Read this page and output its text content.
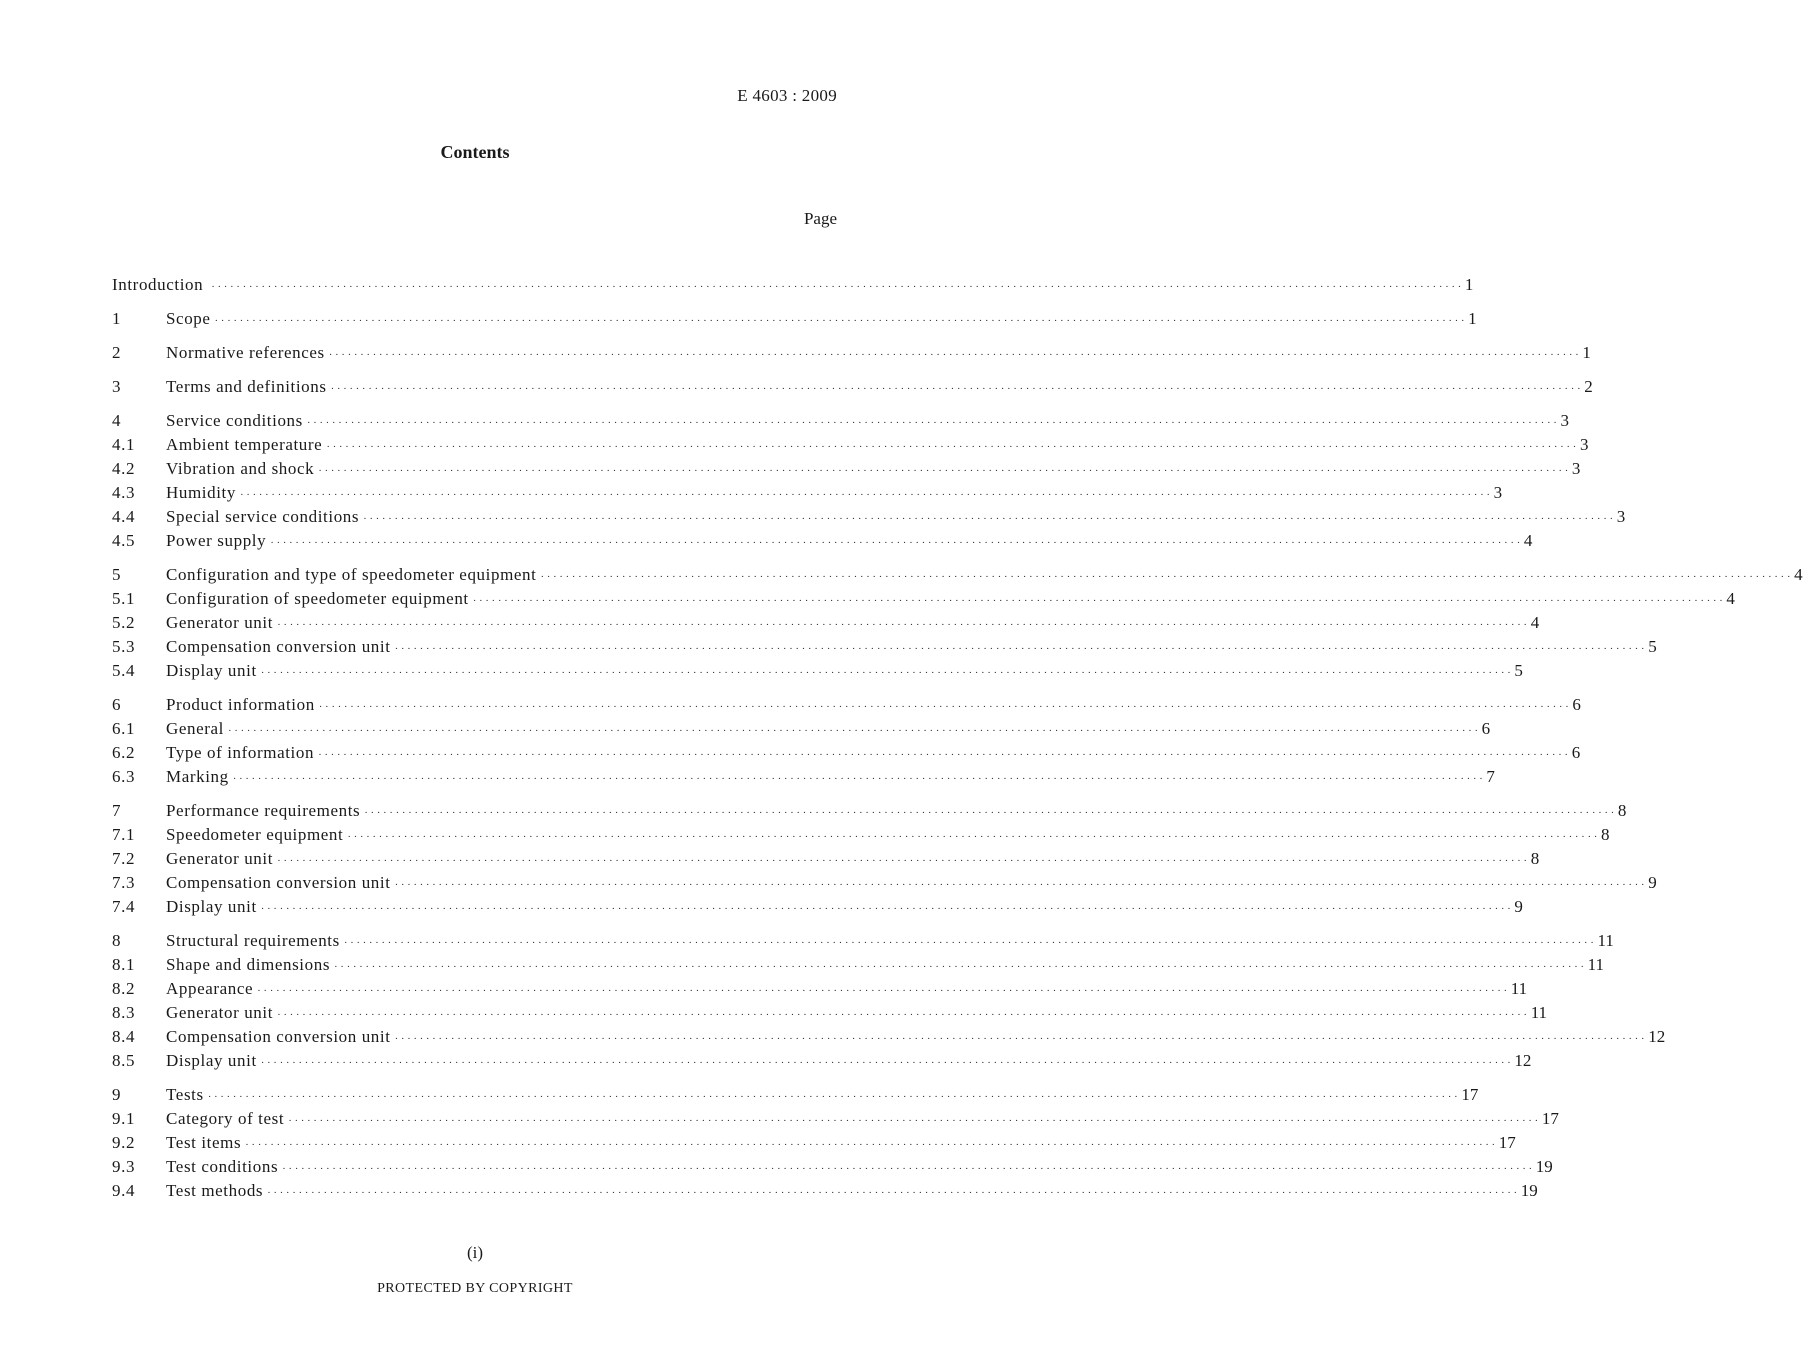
E 4603 : 2009
Contents
Page
Introduction ········································································································································································································ 1
1	Scope ········································································································································································································ 1
2	Normative references ········································································································································································································ 1
3	Terms and definitions ········································································································································································································ 2
4	Service conditions ········································································································································································································ 3
4.1	Ambient temperature ········································································································································································································ 3
4.2	Vibration and shock ········································································································································································································ 3
4.3	Humidity ········································································································································································································ 3
4.4	Special service conditions ········································································································································································································ 3
4.5	Power supply ········································································································································································································ 4
5	Configuration and type of speedometer equipment ········································································································································································································ 4
5.1	Configuration of speedometer equipment ········································································································································································································ 4
5.2	Generator unit ········································································································································································································ 4
5.3	Compensation conversion unit ········································································································································································································ 5
5.4	Display unit ········································································································································································································ 5
6	Product information ········································································································································································································ 6
6.1	General ········································································································································································································ 6
6.2	Type of information ········································································································································································································ 6
6.3	Marking ········································································································································································································ 7
7	Performance requirements ········································································································································································································ 8
7.1	Speedometer equipment ········································································································································································································ 8
7.2	Generator unit ········································································································································································································ 8
7.3	Compensation conversion unit ········································································································································································································ 9
7.4	Display unit ········································································································································································································ 9
8	Structural requirements ········································································································································································································ 11
8.1	Shape and dimensions ········································································································································································································ 11
8.2	Appearance ········································································································································································································ 11
8.3	Generator unit ········································································································································································································ 11
8.4	Compensation conversion unit ········································································································································································································ 12
8.5	Display unit ········································································································································································································ 12
9	Tests ········································································································································································································ 17
9.1	Category of test ········································································································································································································ 17
9.2	Test items ········································································································································································································ 17
9.3	Test conditions ········································································································································································································ 19
9.4	Test methods ········································································································································································································ 19
(i)
PROTECTED BY COPYRIGHT
